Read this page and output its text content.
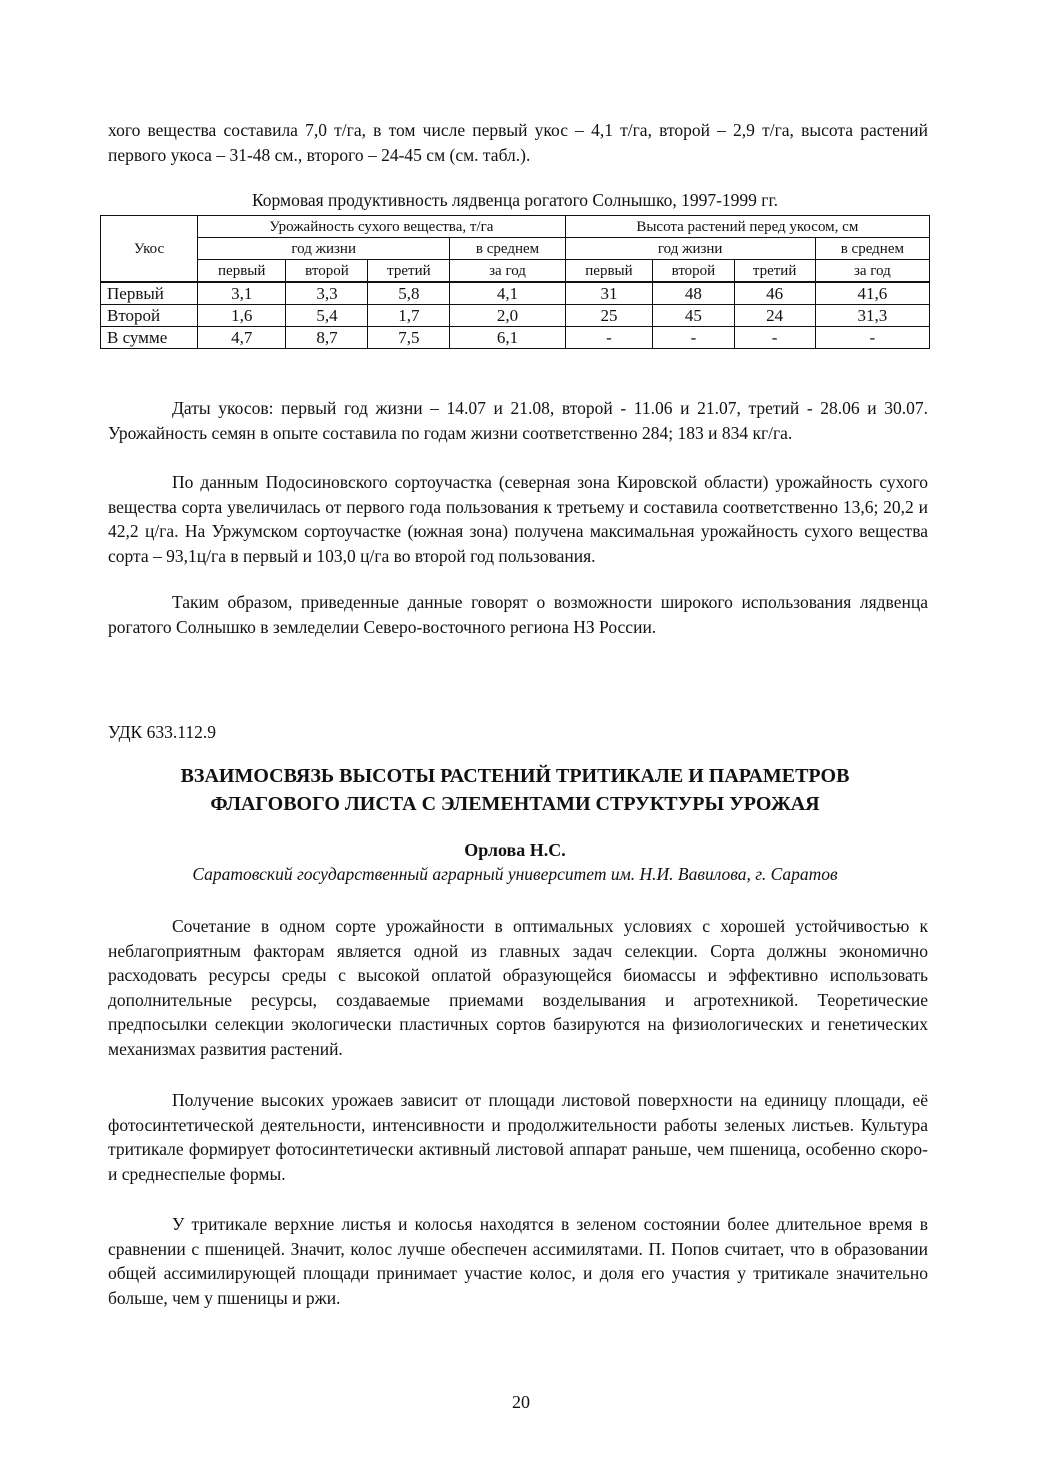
хого вещества составила 7,0 т/га, в том числе первый укос – 4,1 т/га, второй – 2,9 т/га, высота растений первого укоса – 31-48 см., второго – 24-45 см (см. табл.).
Кормовая продуктивность лядвенца рогатого Солнышко, 1997-1999 гг.
Укос	Урожайность сухого вещества, т/га				Высота растений перед укосом, см			
	год жизни			в среднем	год жизни			в среднем
	первый	второй	третий	за год	первый	второй	третий	за год
Первый	3,1	3,3	5,8	4,1	31	48	46	41,6
Второй	1,6	5,4	1,7	2,0	25	45	24	31,3
В сумме	4,7	8,7	7,5	6,1	-	-	-	-
Даты укосов: первый год жизни – 14.07 и 21.08, второй - 11.06 и 21.07, третий - 28.06 и 30.07. Урожайность семян в опыте составила по годам жизни соответственно 284; 183 и 834 кг/га.
По данным Подосиновского сортоучастка (северная зона Кировской области) урожайность сухого вещества сорта увеличилась от первого года пользования к третьему и составила соответственно 13,6; 20,2 и 42,2 ц/га. На Уржумском сортоучастке (южная зона) получена максимальная урожайность сухого вещества сорта – 93,1ц/га в первый и 103,0 ц/га во второй год пользования.
Таким образом, приведенные данные говорят о возможности широкого использования лядвенца рогатого Солнышко в земледелии Северо-восточного региона НЗ России.
УДК 633.112.9
ВЗАИМОСВЯЗЬ ВЫСОТЫ РАСТЕНИЙ ТРИТИКАЛЕ И ПАРАМЕТРОВ
ФЛАГОВОГО ЛИСТА С ЭЛЕМЕНТАМИ СТРУКТУРЫ УРОЖАЯ
Орлова Н.С.
Саратовский государственный аграрный университет им. Н.И. Вавилова, г. Саратов
Сочетание в одном сорте урожайности в оптимальных условиях с хорошей устойчивостью к неблагоприятным факторам является одной из главных задач селекции. Сорта должны экономично расходовать ресурсы среды с высокой оплатой образующейся биомассы и эффективно использовать дополнительные ресурсы, создаваемые приемами возделывания и агротехникой. Теоретические предпосылки селекции экологически пластичных сортов базируются на физиологических и генетических механизмах развития растений.
Получение высоких урожаев зависит от площади листовой поверхности на единицу площади, её фотосинтетической деятельности, интенсивности и продолжительности работы зеленых листьев. Культура тритикале формирует фотосинтетически активный листовой аппарат раньше, чем пшеница, особенно скоро- и среднеспелые формы.
У тритикале верхние листья и колосья находятся в зеленом состоянии более длительное время в сравнении с пшеницей. Значит, колос лучше обеспечен ассимилятами. П. Попов считает, что в образовании общей ассимилирующей площади принимает участие колос, и доля его участия у тритикале значительно больше, чем у пшеницы и ржи.
20
